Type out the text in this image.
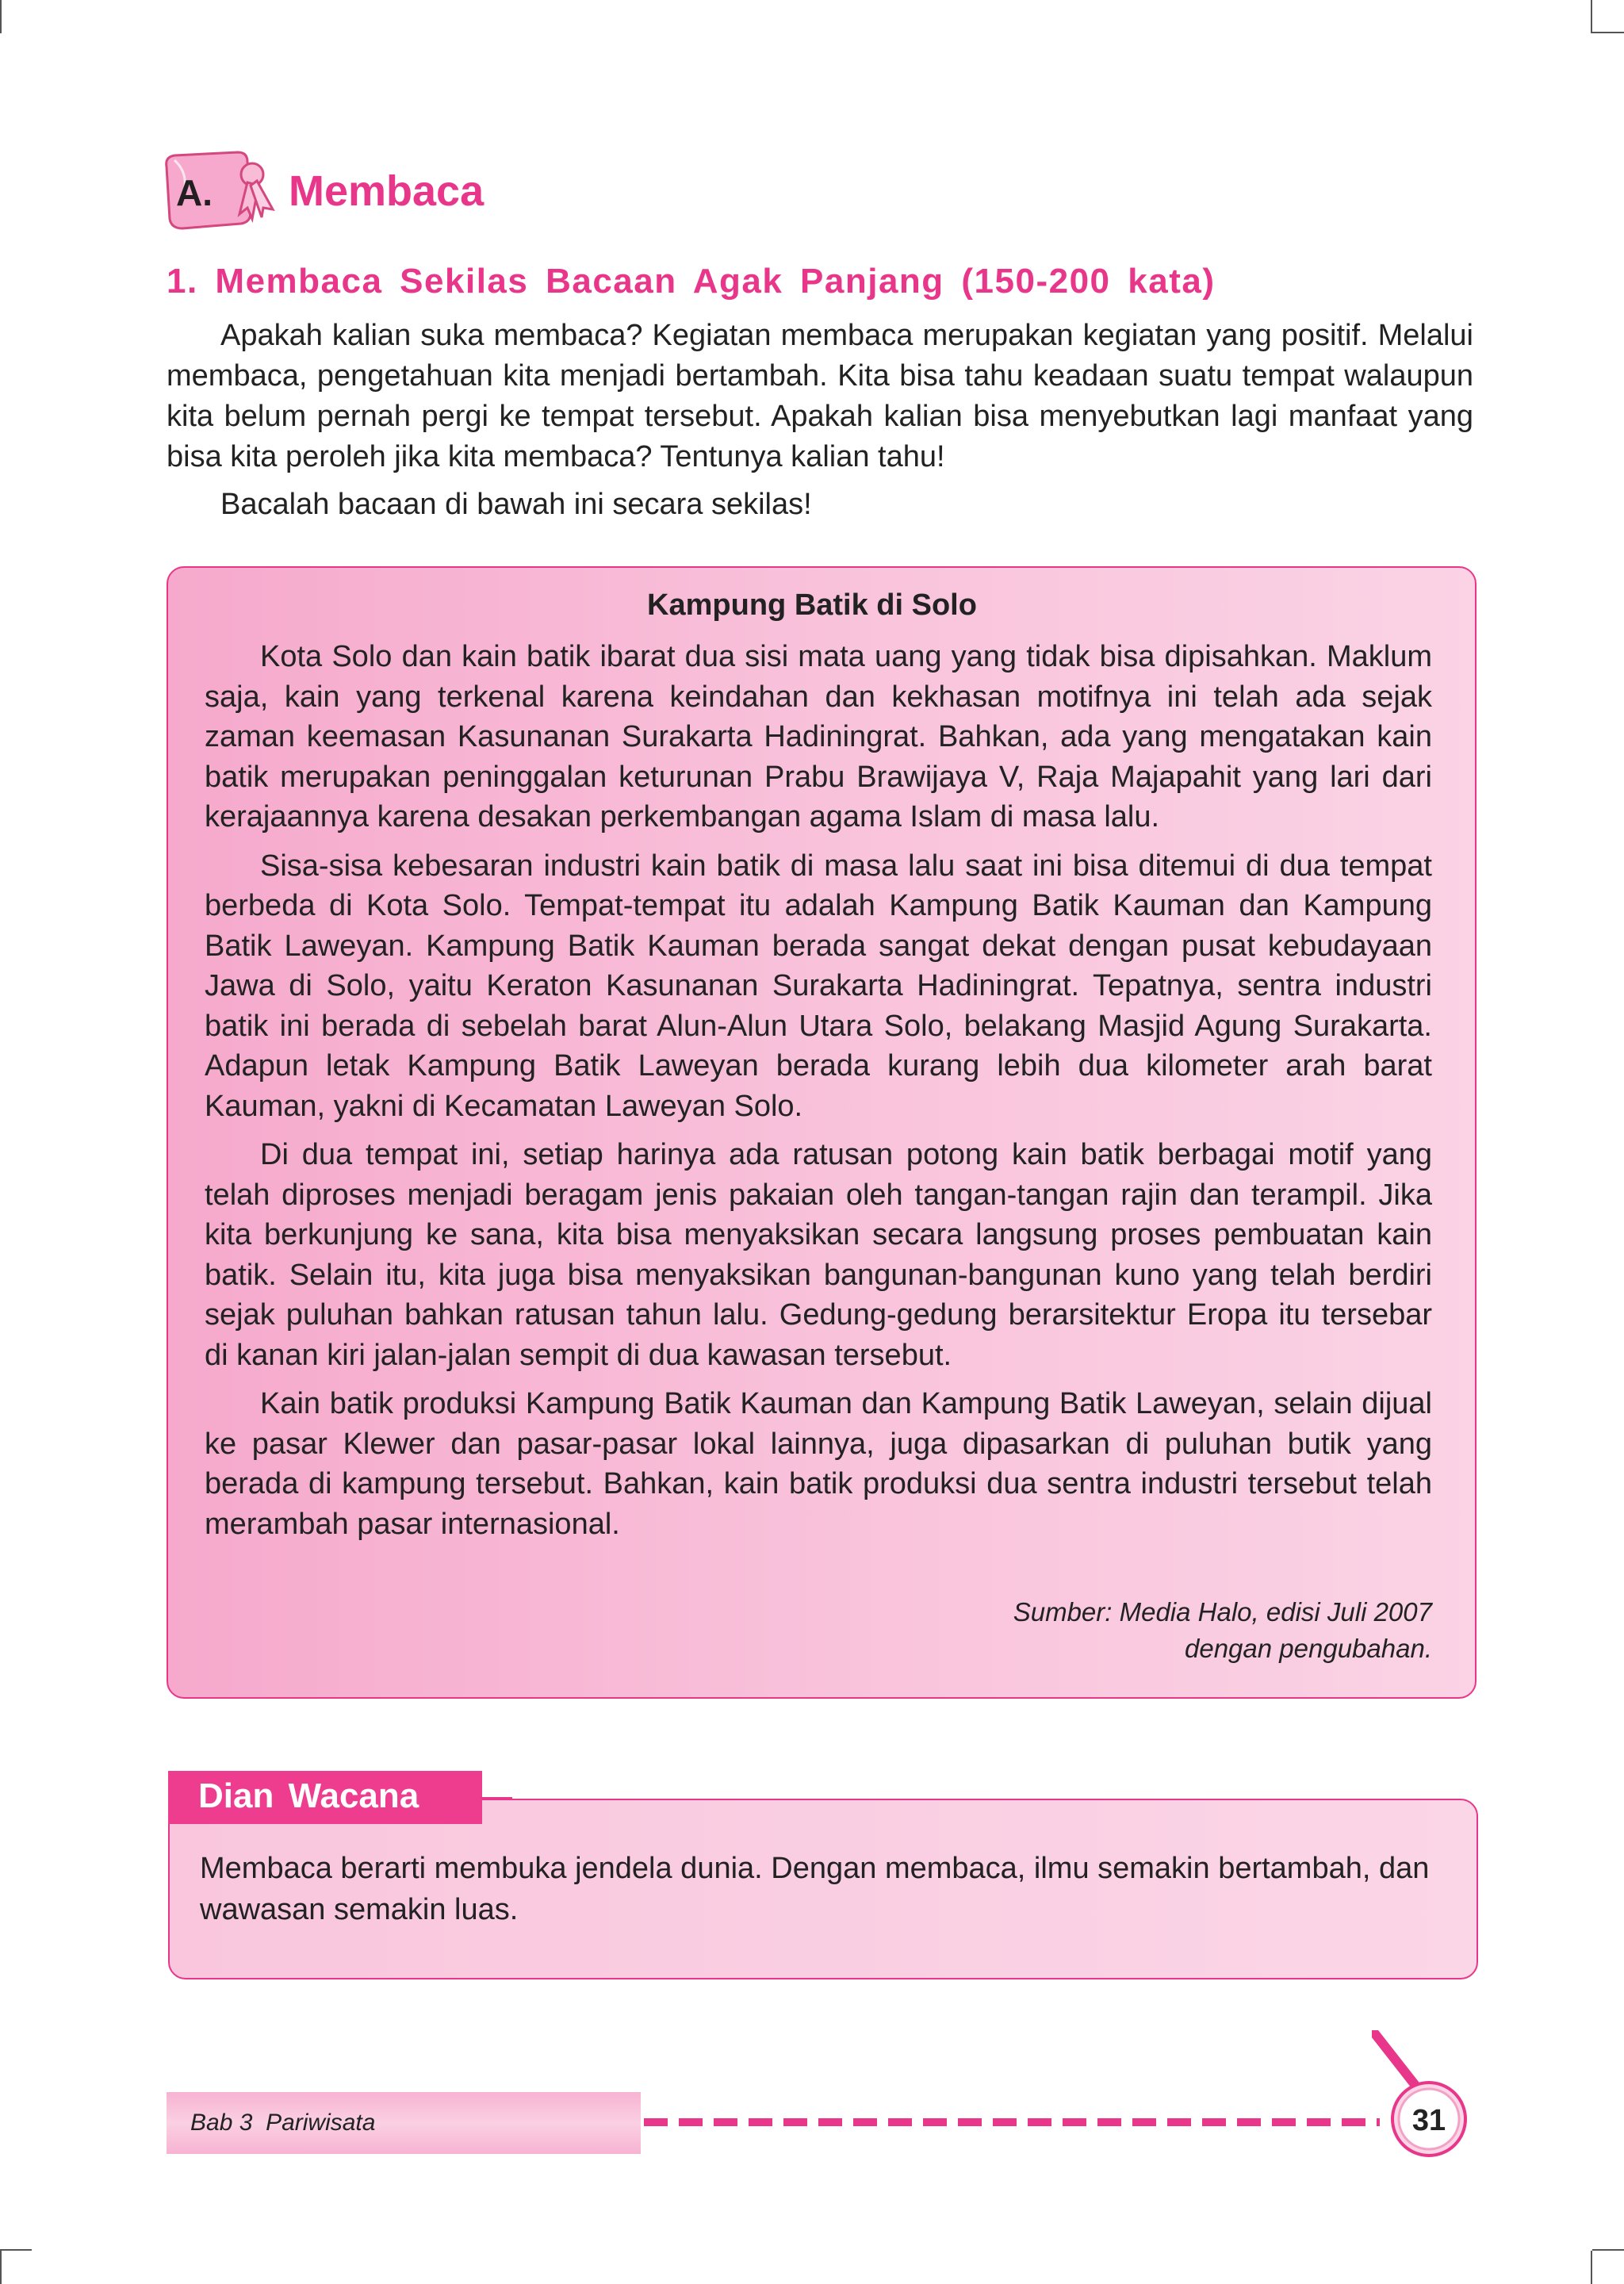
A. Membaca
1. Membaca Sekilas Bacaan Agak Panjang (150-200 kata)

Apakah kalian suka membaca? Kegiatan membaca merupakan kegiatan yang positif. Melalui membaca, pengetahuan kita menjadi bertambah. Kita bisa tahu keadaan suatu tempat walaupun kita belum pernah pergi ke tempat tersebut. Apakah kalian bisa menyebutkan lagi manfaat yang bisa kita peroleh jika kita membaca? Tentunya kalian tahu!

Bacalah bacaan di bawah ini secara sekilas!

Kampung Batik di Solo

Kota Solo dan kain batik ibarat dua sisi mata uang yang tidak bisa dipisahkan. Maklum saja, kain yang terkenal karena keindahan dan kekhasan motifnya ini telah ada sejak zaman keemasan Kasunanan Surakarta Hadiningrat. Bahkan, ada yang mengatakan kain batik merupakan peninggalan keturunan Prabu Brawijaya V, Raja Majapahit yang lari dari kerajaannya karena desakan perkembangan agama Islam di masa lalu.

Sisa-sisa kebesaran industri kain batik di masa lalu saat ini bisa ditemui di dua tempat berbeda di Kota Solo. Tempat-tempat itu adalah Kampung Batik Kauman dan Kampung Batik Laweyan. Kampung Batik Kauman berada sangat dekat dengan pusat kebudayaan Jawa di Solo, yaitu Keraton Kasunanan Surakarta Hadiningrat. Tepatnya, sentra industri batik ini berada di sebelah barat Alun-Alun Utara Solo, belakang Masjid Agung Surakarta. Adapun letak Kampung Batik Laweyan berada kurang lebih dua kilometer arah barat Kauman, yakni di Kecamatan Laweyan Solo.

Di dua tempat ini, setiap harinya ada ratusan potong kain batik berbagai motif yang telah diproses menjadi beragam jenis pakaian oleh tangan-tangan rajin dan terampil. Jika kita berkunjung ke sana, kita bisa menyaksikan secara langsung proses pembuatan kain batik. Selain itu, kita juga bisa menyaksikan bangunan-bangunan kuno yang telah berdiri sejak puluhan bahkan ratusan tahun lalu. Gedung-gedung berarsitektur Eropa itu tersebar di kanan kiri jalan-jalan sempit di dua kawasan tersebut.

Kain batik produksi Kampung Batik Kauman dan Kampung Batik Laweyan, selain dijual ke pasar Klewer dan pasar-pasar lokal lainnya, juga dipasarkan di puluhan butik yang berada di kampung tersebut. Bahkan, kain batik produksi dua sentra industri tersebut telah merambah pasar internasional.

Sumber: Media Halo, edisi Juli 2007
dengan pengubahan.
Dian Wacana
Membaca berarti membuka jendela dunia. Dengan membaca, ilmu semakin bertambah, dan wawasan semakin luas.
Bab 3  Pariwisata	31
